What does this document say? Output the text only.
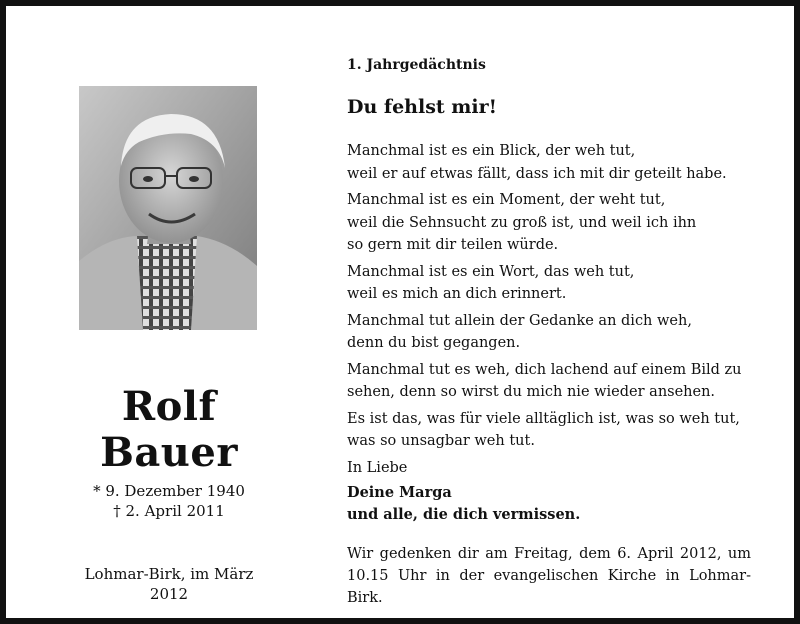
Rolf
Bauer
* 9. Dezember 1940
† 2. April 2011
Lohmar-Birk, im März 2012
1. Jahrgedächtnis
Du fehlst mir!
Manchmal ist es ein Blick, der weh tut,
weil er auf etwas fällt, dass ich mit dir geteilt habe.
Manchmal ist es ein Moment, der weht tut,
weil die Sehnsucht zu groß ist, und weil ich ihn
so gern mit dir teilen würde.
Manchmal ist es ein Wort, das weh tut,
weil es mich an dich erinnert.
Manchmal tut allein der Gedanke an dich weh,
denn du bist gegangen.
Manchmal tut es weh, dich lachend auf einem Bild zu
sehen, denn so wirst du mich nie wieder ansehen.
Es ist das, was für viele alltäglich ist, was so weh tut,
was so unsagbar weh tut.
In Liebe
Deine Marga
und alle, die dich vermissen.
Wir gedenken dir am Freitag, dem 6. April 2012, um 10.15 Uhr in der evangelischen Kirche in Lohmar-Birk.
